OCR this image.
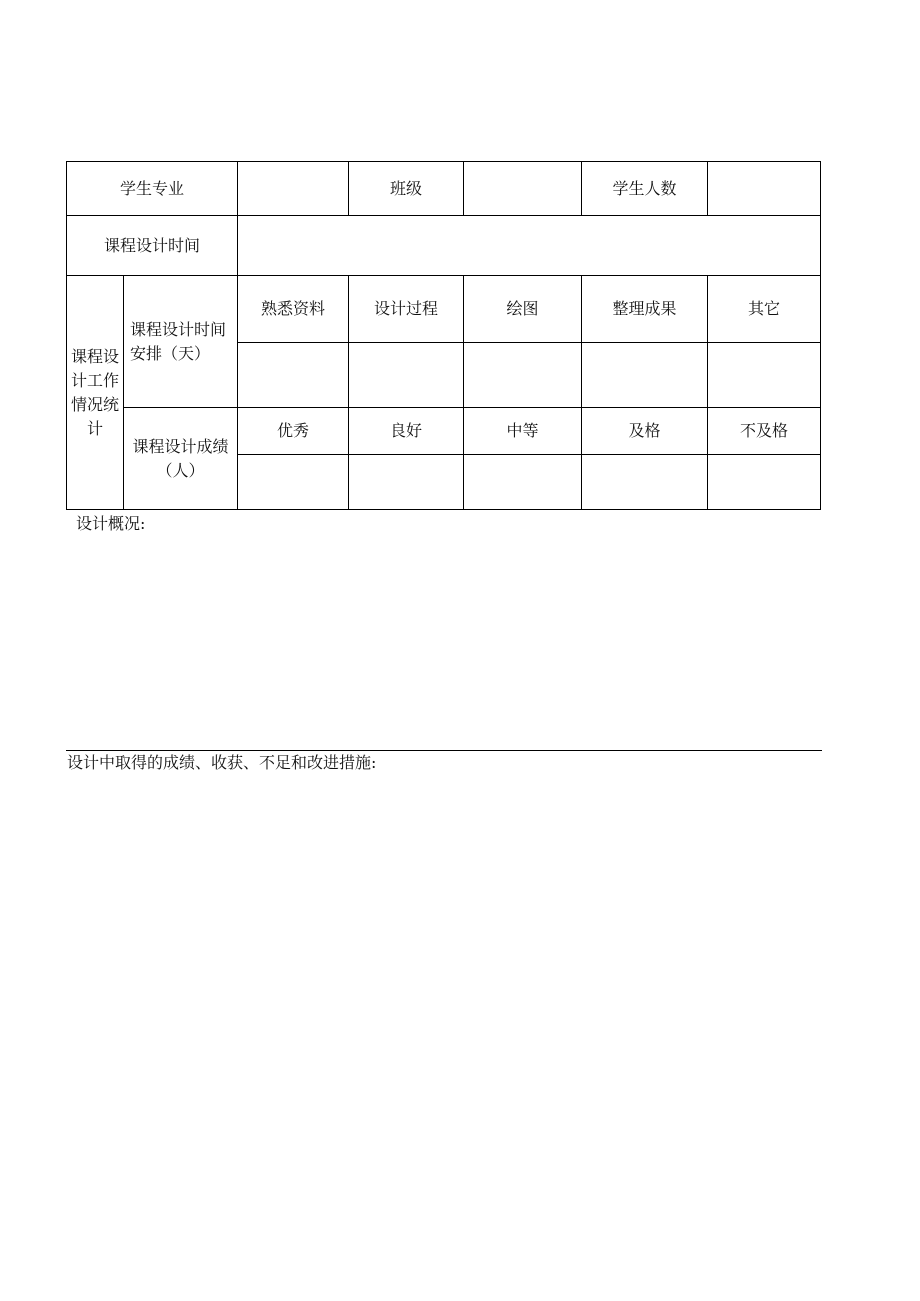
学生专业			班级		学生人数	
课程设计时间						
课程设计工作情况统计	课程设计时间安排（天）	熟悉资料	设计过程	绘图	整理成果	其它

	课程设计成绩（人）	优秀	良好	中等	及格	不及格

设计概况:
设计中取得的成绩、收获、不足和改进措施:
